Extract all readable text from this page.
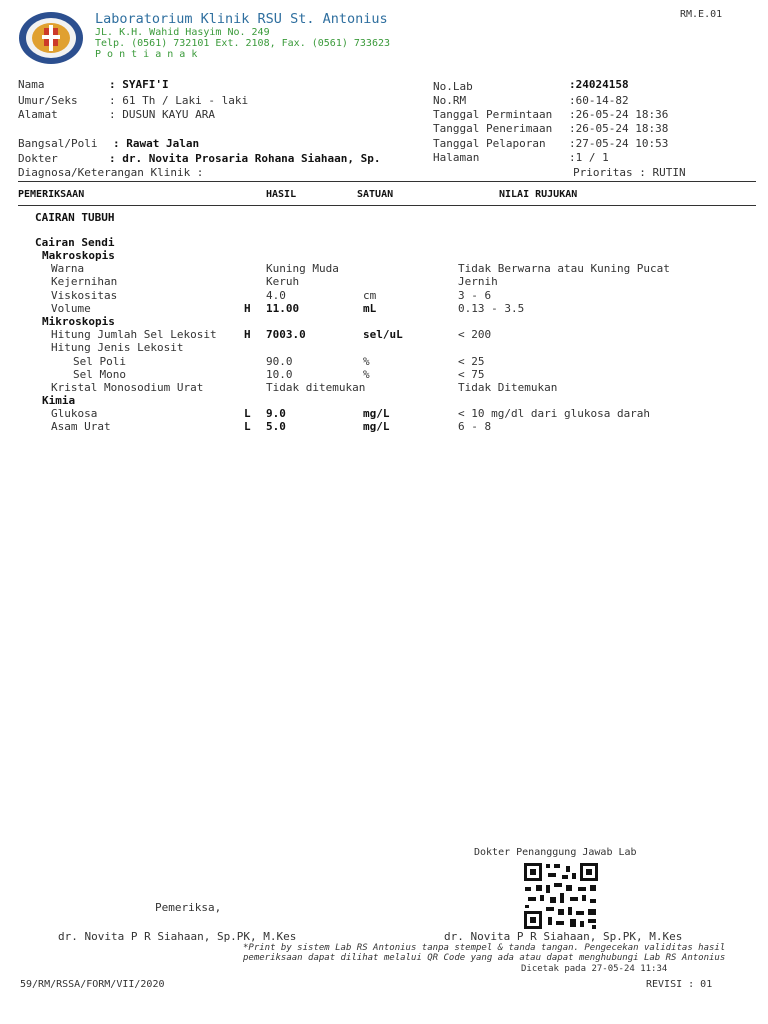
RM.E.01
Laboratorium Klinik RSU St. Antonius
JL. K.H. Wahid Hasyim No. 249
Telp. (0561) 732101 Ext. 2108, Fax. (0561) 733623
P o n t i a n a k
Nama	: SYAFI'I
Umur/Seks	: 61 Th / Laki - laki
Alamat	: DUSUN KAYU ARA
Bangsal/Poli : Rawat Jalan
Dokter	: dr. Novita Prosaria Rohana Siahaan, Sp.
Diagnosa/Keterangan Klinik :
No.Lab	:24024158
No.RM	:60-14-82
Tanggal Permintaan :26-05-24 18:36
Tanggal Penerimaan :26-05-24 18:38
Tanggal Pelaporan :27-05-24 10:53
Halaman	:1 / 1
Prioritas : RUTIN
PEMERIKSAAN	HASIL	SATUAN	NILAI RUJUKAN
CAIRAN TUBUH
Cairan Sendi
Makroskopis
Warna	Kuning Muda	Tidak Berwarna atau Kuning Pucat
Kejernihan	Keruh	Jernih
Viskositas	4.0	cm	3 - 6
Volume	H 11.00	mL	0.13 - 3.5
Mikroskopis
Hitung Jumlah Sel Lekosit H 7003.0	sel/uL	< 200
Hitung Jenis Lekosit
Sel Poli	90.0	%	< 25
Sel Mono	10.0	%	< 75
Kristal Monosodium Urat	Tidak ditemukan	Tidak Ditemukan
Kimia
Glukosa	L 9.0	mg/L	< 10 mg/dl dari glukosa darah
Asam Urat	L 5.0	mg/L	6 - 8
Dokter Penanggung Jawab Lab
Pemeriksa,
dr. Novita P R Siahaan, Sp.PK, M.Kes	dr. Novita P R Siahaan, Sp.PK, M.Kes
*Print by sistem Lab RS Antonius tanpa stempel & tanda tangan. Pengecekan validitas hasil
pemeriksaan dapat dilihat melalui QR Code yang ada atau dapat menghubungi Lab RS Antonius
Dicetak pada 27-05-24 11:34
59/RM/RSSA/FORM/VII/2020	REVISI : 01
